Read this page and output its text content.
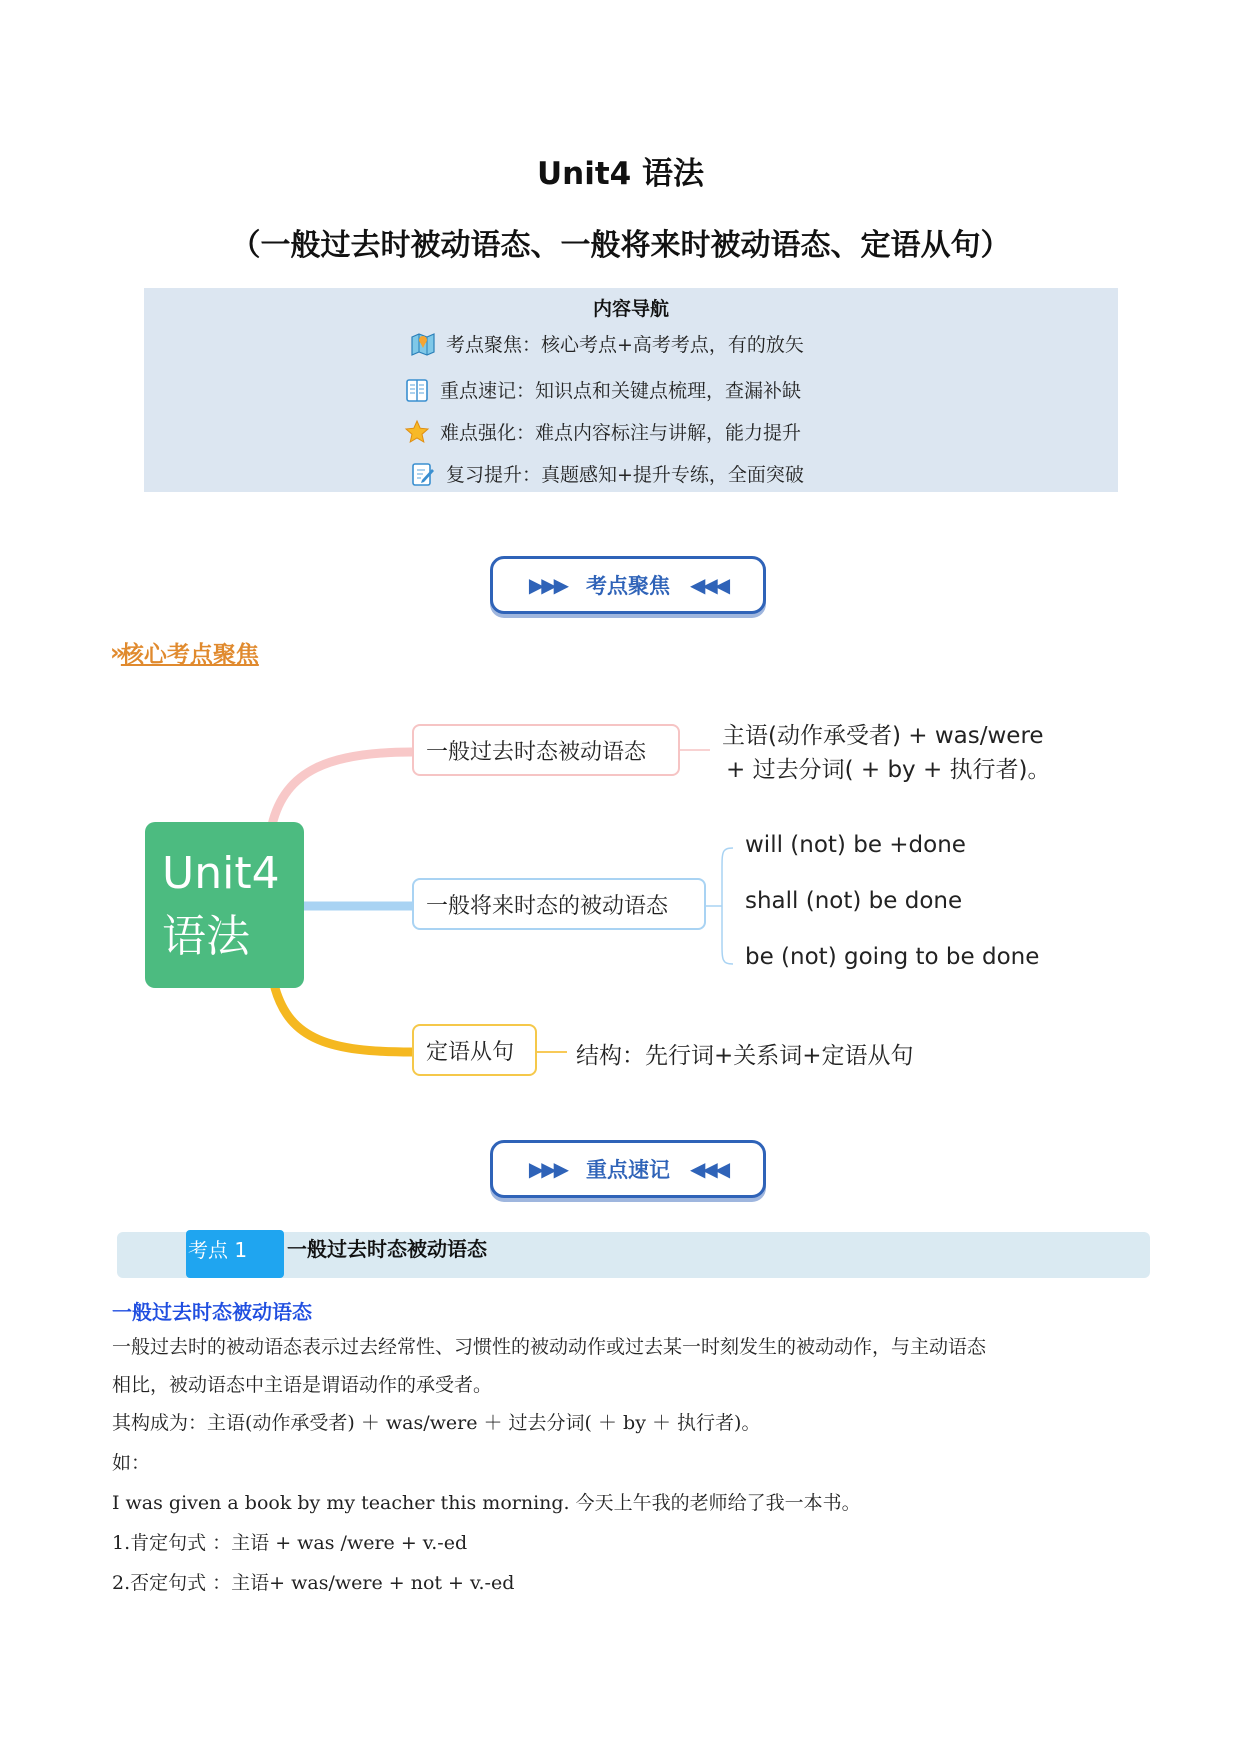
Unit4 语法
（一般过去时被动语态、一般将来时被动语态、定语从句）
内容导航
考点聚焦：核心考点+高考考点，有的放矢
重点速记：知识点和关键点梳理，查漏补缺
难点强化：难点内容标注与讲解，能力提升
复习提升：真题感知+提升专练，全面突破
▶▶▶ 考点聚焦 ◀◀◀
» 核心考点聚焦
Unit4
语法
一般过去时态被动语态
主语(动作承受者) + was/were
+ 过去分词( + by + 执行者)。
一般将来时态的被动语态
will (not) be +done
shall (not) be done
be (not) going to be done
定语从句	结构：先行词+关系词+定语从句
▶▶▶ 重点速记 ◀◀◀
考点 1	一般过去时态被动语态
一般过去时态被动语态
一般过去时的被动语态表示过去经常性、习惯性的被动动作或过去某一时刻发生的被动动作，与主动语态
相比，被动语态中主语是谓语动作的承受者。
其构成为：主语(动作承受者) ＋ was/were ＋ 过去分词( ＋ by ＋ 执行者)。
如：
I was given a book by my teacher this morning. 今天上午我的老师给了我一本书。
1.肯定句式 ：主语 + was /were + v.-ed
2.否定句式 ：主语+ was/were + not + v.-ed
